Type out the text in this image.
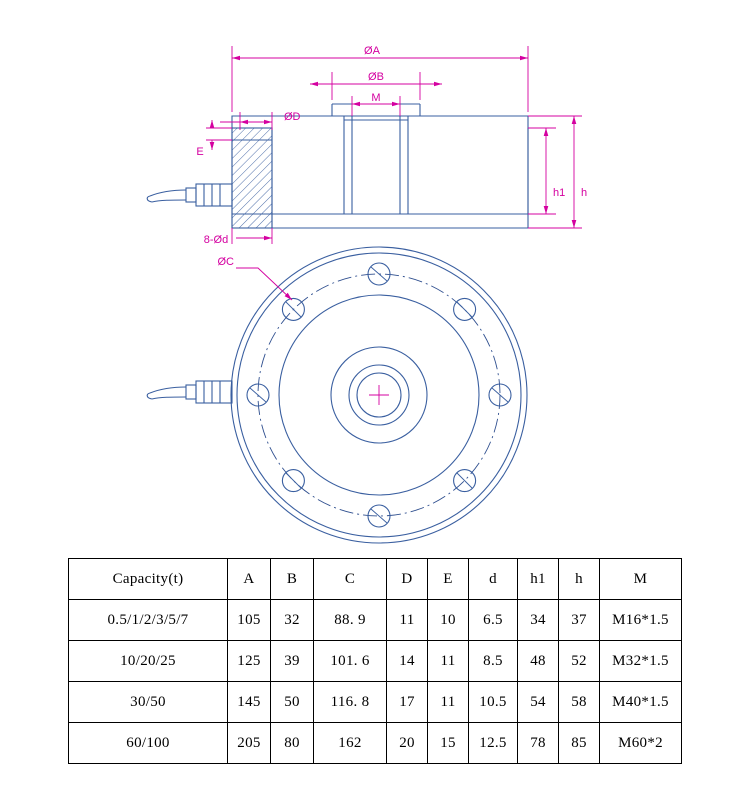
ØA
ØB
M
ØD
E
8-Ød
h1 h
ØC
Capacity(t)	A	B	C	D	E	d	h1	h	M
0.5/1/2/3/5/7	105	32	88. 9	11	10	6.5	34	37	M16*1.5
10/20/25	125	39	101. 6	14	11	8.5	48	52	M32*1.5
30/50	145	50	116. 8	17	11	10.5	54	58	M40*1.5
60/100	205	80	162	20	15	12.5	78	85	M60*2
